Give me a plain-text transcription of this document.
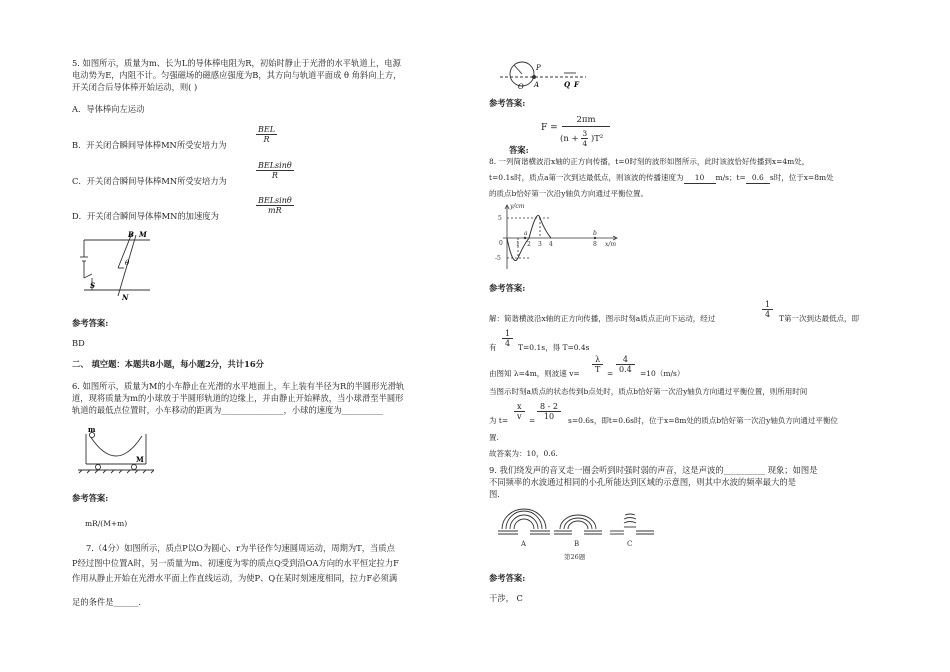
5. 如图所示，质量为m、长为L的导体棒电阻为R，初始时静止于光滑的水平轨道上，电源
电动势为E，内阻不计。匀强磁场的磁感应强度为B，其方向与轨道平面成 θ 角斜向上方，
开关闭合后导体棒开始运动，则( )
A．导体棒向左运动
B．开关闭合瞬间导体棒MN所受安培力为
BEL
R
C．开关闭合瞬间导体棒MN所受安培力为
BELsinθ
R
D．开关闭合瞬间导体棒MN的加速度为
BELsinθ
mR
B M
θ
S
N
参考答案:
BD
二、 填空题：本题共8小题，每小题2分，共计16分
6. 如图所示，质量为M的小车静止在光滑的水平地面上，车上装有半径为R的半圆形光滑轨
道，现将质量为m的小球放于半圆形轨道的边缘上，并由静止开始释放，当小球滑至半圆形
轨道的最低点位置时，小车移动的距离为_______________，小球的速度为__________
m
M
参考答案:
mR/(M+m)
7.（4分）如图所示，质点P以O为圆心、r为半径作匀速圆周运动，周期为T，当质点
P经过图中位置A时，另一质量为m、初速度为零的质点Q受到沿OA方向的水平恒定拉力F
作用从静止开始在光滑水平面上作直线运动，为使P、Q在某时刻速度相同，拉力F必须满
足的条件是______.
O
P
A	Q F
参考答案:
F =
2πm
$(n + \frac{3}{4} )T^2$
答案:
8. 一列简谐横波沿x轴的正方向传播，t=0时刻的波形如图所示，此时该波恰好传播到x=4m处，
t=0.1s时，质点a第一次到达最低点，则该波的传播速度为 10 m/s；t= 0.6 s时，位于x=8m处
的质点b恰好第一次沿y轴负方向通过平衡位置。
y/cm
5
-5
0
a	b
1 2 3 4	8 x/m
参考答案:
解：简谐横波沿x轴的正方向传播，图示时刻a质点正向下运动，经过	$\frac{1}{4}$ T第一次到达最低点，即
有 $\frac{1}{4} T=0.1s$，得 T=0.4s
由图知 λ=4m，则波速 $v= \frac{\lambda}{T} = \frac{4}{0.4} =10(m/s)$
当图示时刻a质点的状态传到b点处时，质点b恰好第一次沿y轴负方向通过平衡位置，则所用时间
为 $t= \frac{x}{v} = \frac{8 - 2}{10} s=0.6s$，即t=0.6s时，位于x=8m处的质点b恰好第一次沿y轴负方向通过平衡位
置.
故答案为：10，0.6.
9. 我们绕发声的音叉走一圈会听到时强时弱的声音，这是声波的__________ 现象；如图是
不同频率的水波通过相同的小孔所能达到区域的示意图，则其中水波的频率最大的是
图.
A	B	C
第26题
参考答案:
干涉， C
